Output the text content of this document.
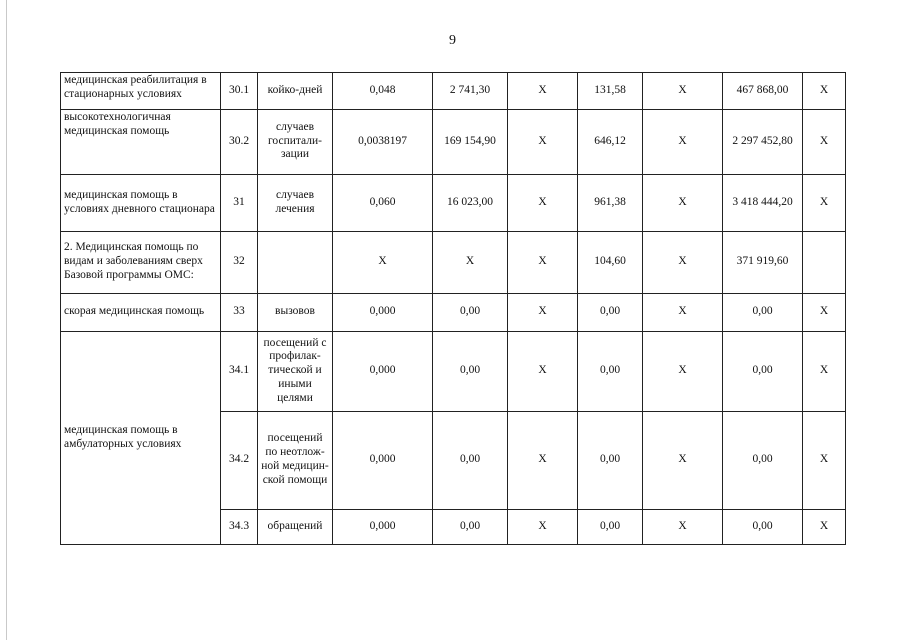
9
медицинская реабилитация в стационарных условиях	30.1	койко-дней	0,048	2 741,30	X	131,58	X	467 868,00	X
высокотехнологичная медицинская помощь	30.2	случаев госпитали-зации	0,0038197	169 154,90	X	646,12	X	2 297 452,80	X
медицинская помощь в условиях дневного стационара	31	случаев лечения	0,060	16 023,00	X	961,38	X	3 418 444,20	X
2. Медицинская помощь по видам и заболеваниям сверх Базовой программы ОМС:	32		X	X	X	104,60	X	371 919,60	
скорая медицинская помощь	33	вызовов	0,000	0,00	X	0,00	X	0,00	X
медицинская помощь в амбулаторных условиях	34.1	посещений с профилак-тической и иными целями	0,000	0,00	X	0,00	X	0,00	X
	34.2	посещений по неотлож-ной медицин-ской помощи	0,000	0,00	X	0,00	X	0,00	X
	34.3	обращений	0,000	0,00	X	0,00	X	0,00	X
